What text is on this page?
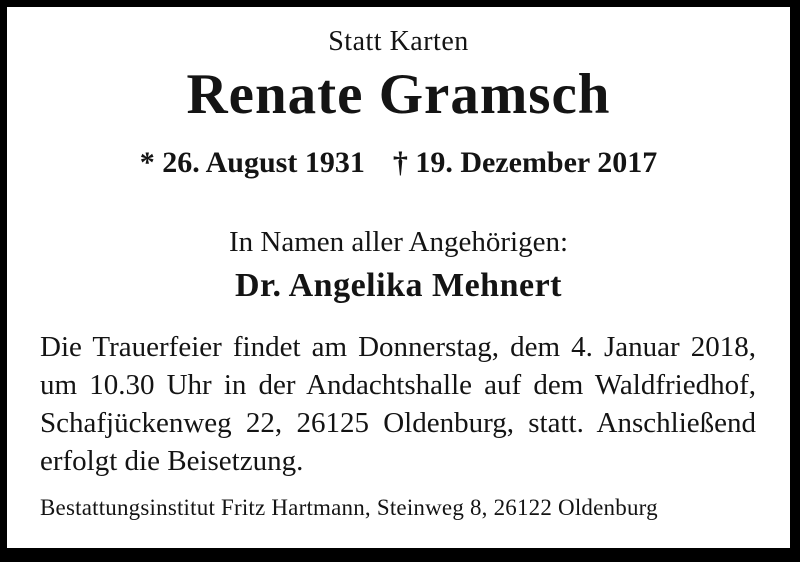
Statt Karten
Renate Gramsch
* 26. August 1931 † 19. Dezember 2017
In Namen aller Angehörigen:
Dr. Angelika Mehnert
Die Trauerfeier findet am Donnerstag, dem 4. Januar 2018, um 10.30 Uhr in der Andachtshalle auf dem Waldfriedhof, Schafjückenweg 22, 26125 Oldenburg, statt. Anschließend erfolgt die Beisetzung.
Bestattungsinstitut Fritz Hartmann, Steinweg 8, 26122 Oldenburg
